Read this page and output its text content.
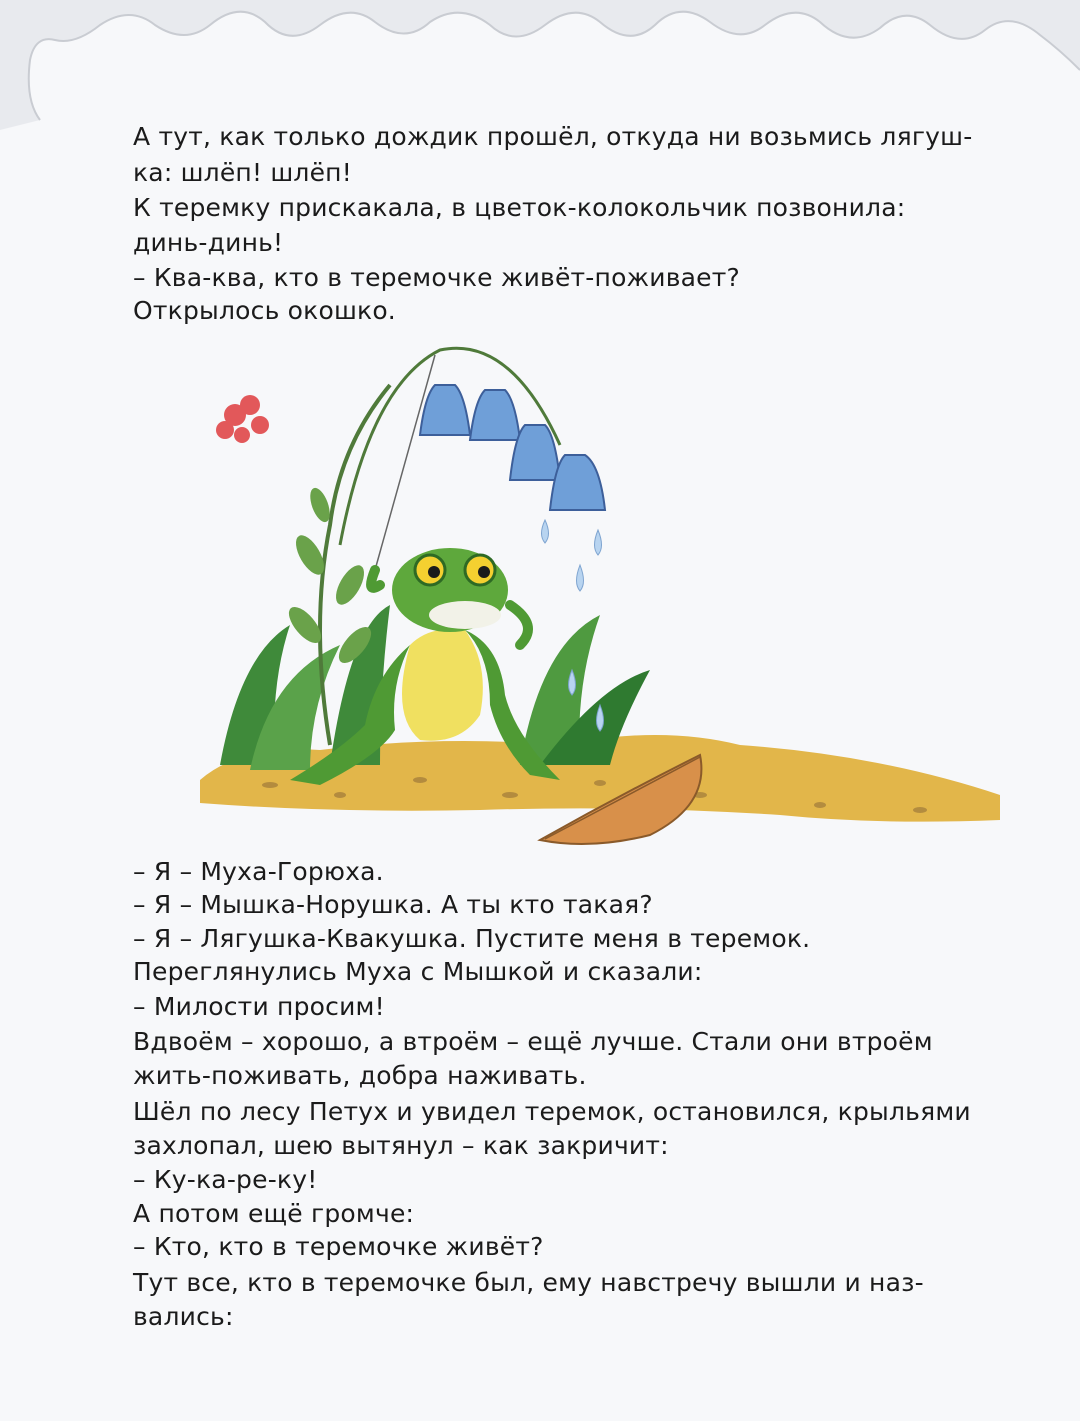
А тут, как только дождик прошёл, откуда ни возьмись лягуш-
ка: шлёп! шлёп!
К теремку прискакала, в цветок-колокольчик позвонила:
динь-динь!
– Ква-ква, кто в теремочке живёт-поживает?
Открылось окошко.
– Я – Муха-Горюха.
– Я – Мышка-Норушка. А ты кто такая?
– Я – Лягушка-Квакушка. Пустите меня в теремок.
Переглянулись Муха с Мышкой и сказали:
– Милости просим!
Вдвоём – хорошо, а втроём – ещё лучше. Стали они втроём
жить-поживать, добра наживать.
Шёл по лесу Петух и увидел теремок, остановился, крыльями
захлопал, шею вытянул – как закричит:
– Ку-ка-ре-ку!
А потом ещё громче:
– Кто, кто в теремочке живёт?
Тут все, кто в теремочке был, ему навстречу вышли и наз-
вались:
